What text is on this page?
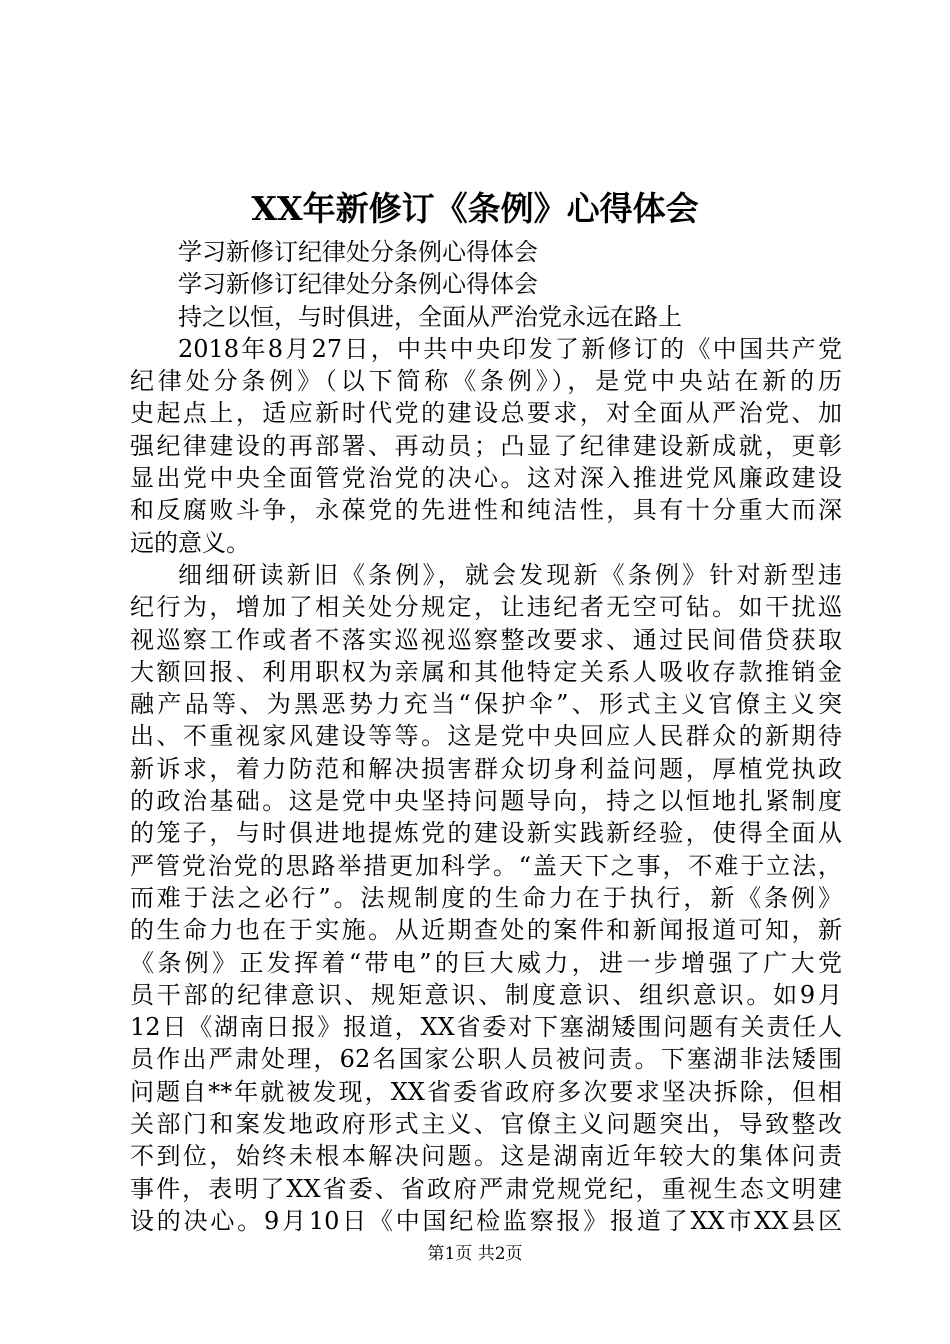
XX年新修订《条例》心得体会
学习新修订纪律处分条例心得体会
学习新修订纪律处分条例心得体会
持之以恒，与时俱进，全面从严治党永远在路上
2018年8月27日，中共中央印发了新修订的《中国共产党
纪律处分条例》（以下简称《条例》），是党中央站在新的历
史起点上，适应新时代党的建设总要求，对全面从严治党、加
强纪律建设的再部署、再动员；凸显了纪律建设新成就，更彰
显出党中央全面管党治党的决心。这对深入推进党风廉政建设
和反腐败斗争，永葆党的先进性和纯洁性，具有十分重大而深
远的意义。
细细研读新旧《条例》，就会发现新《条例》针对新型违
纪行为，增加了相关处分规定，让违纪者无空可钻。如干扰巡
视巡察工作或者不落实巡视巡察整改要求、通过民间借贷获取
大额回报、利用职权为亲属和其他特定关系人吸收存款推销金
融产品等、为黑恶势力充当“保护伞”、形式主义官僚主义突
出、不重视家风建设等等。这是党中央回应人民群众的新期待
新诉求，着力防范和解决损害群众切身利益问题，厚植党执政
的政治基础。这是党中央坚持问题导向，持之以恒地扎紧制度
的笼子，与时俱进地提炼党的建设新实践新经验，使得全面从
严管党治党的思路举措更加科学。“盖天下之事，不难于立法，
而难于法之必行”。法规制度的生命力在于执行，新《条例》
的生命力也在于实施。从近期查处的案件和新闻报道可知，新
《条例》正发挥着“带电”的巨大威力，进一步增强了广大党
员干部的纪律意识、规矩意识、制度意识、组织意识。如9月
12日《湖南日报》报道，XX省委对下塞湖矮围问题有关责任人
员作出严肃处理，62名国家公职人员被问责。下塞湖非法矮围
问题自**年就被发现，XX省委省政府多次要求坚决拆除，但相
关部门和案发地政府形式主义、官僚主义问题突出，导致整改
不到位，始终未根本解决问题。这是湖南近年较大的集体问责
事件，表明了XX省委、省政府严肃党规党纪，重视生态文明建
设的决心。9月10日《中国纪检监察报》报道了XX市XX县区
第1页 共2页
